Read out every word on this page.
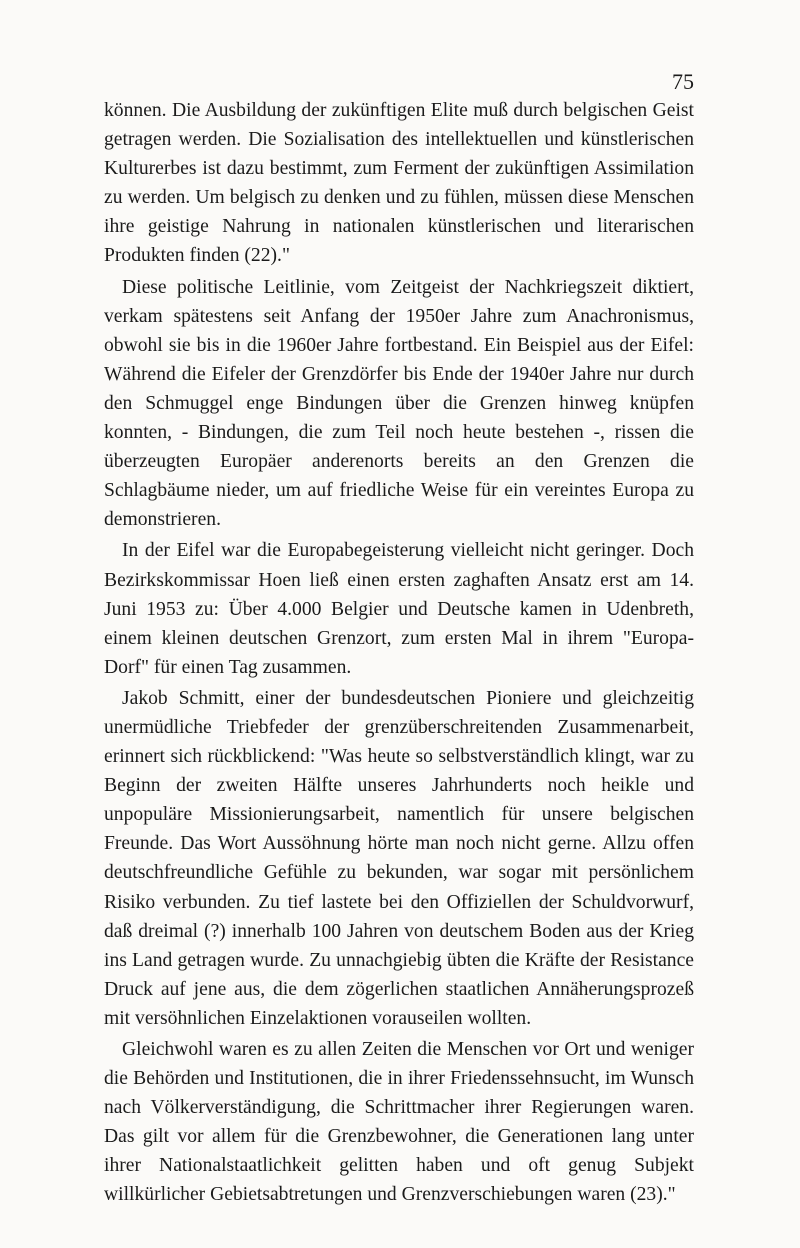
75

können. Die Ausbildung der zukünftigen Elite muß durch belgischen Geist getragen werden. Die Sozialisation des intellektuellen und künstlerischen Kulturerbes ist dazu bestimmt, zum Ferment der zukünftigen Assimilation zu werden. Um belgisch zu denken und zu fühlen, müssen diese Menschen ihre geistige Nahrung in nationalen künstlerischen und literarischen Produkten finden (22)."

Diese politische Leitlinie, vom Zeitgeist der Nachkriegszeit diktiert, verkam spätestens seit Anfang der 1950er Jahre zum Anachronismus, obwohl sie bis in die 1960er Jahre fortbestand. Ein Beispiel aus der Eifel: Während die Eifeler der Grenzdörfer bis Ende der 1940er Jahre nur durch den Schmuggel enge Bindungen über die Grenzen hinweg knüpfen konnten, - Bindungen, die zum Teil noch heute bestehen -, rissen die überzeugten Europäer anderenorts bereits an den Grenzen die Schlagbäume nieder, um auf friedliche Weise für ein vereintes Europa zu demonstrieren.

In der Eifel war die Europabegeisterung vielleicht nicht geringer. Doch Bezirkskommissar Hoen ließ einen ersten zaghaften Ansatz erst am 14. Juni 1953 zu: Über 4.000 Belgier und Deutsche kamen in Udenbreth, einem kleinen deutschen Grenzort, zum ersten Mal in ihrem "Europa-Dorf" für einen Tag zusammen.

Jakob Schmitt, einer der bundesdeutschen Pioniere und gleichzeitig unermüdliche Triebfeder der grenzüberschreitenden Zusammenarbeit, erinnert sich rückblickend: "Was heute so selbstverständlich klingt, war zu Beginn der zweiten Hälfte unseres Jahrhunderts noch heikle und unpopuläre Missionierungsarbeit, namentlich für unsere belgischen Freunde. Das Wort Aussöhnung hörte man noch nicht gerne. Allzu offen deutschfreundliche Gefühle zu bekunden, war sogar mit persönlichem Risiko verbunden. Zu tief lastete bei den Offiziellen der Schuldvorwurf, daß dreimal (?) innerhalb 100 Jahren von deutschem Boden aus der Krieg ins Land getragen wurde. Zu unnachgiebig übten die Kräfte der Resistance Druck auf jene aus, die dem zögerlichen staatlichen Annäherungsprozeß mit versöhnlichen Einzelaktionen vorauseilen wollten.

Gleichwohl waren es zu allen Zeiten die Menschen vor Ort und weniger die Behörden und Institutionen, die in ihrer Friedenssehnsucht, im Wunsch nach Völkerverständigung, die Schrittmacher ihrer Regierungen waren. Das gilt vor allem für die Grenzbewohner, die Generationen lang unter ihrer Nationalstaatlichkeit gelitten haben und oft genug Subjekt willkürlicher Gebietsabtretungen und Grenzverschiebungen waren (23)."
